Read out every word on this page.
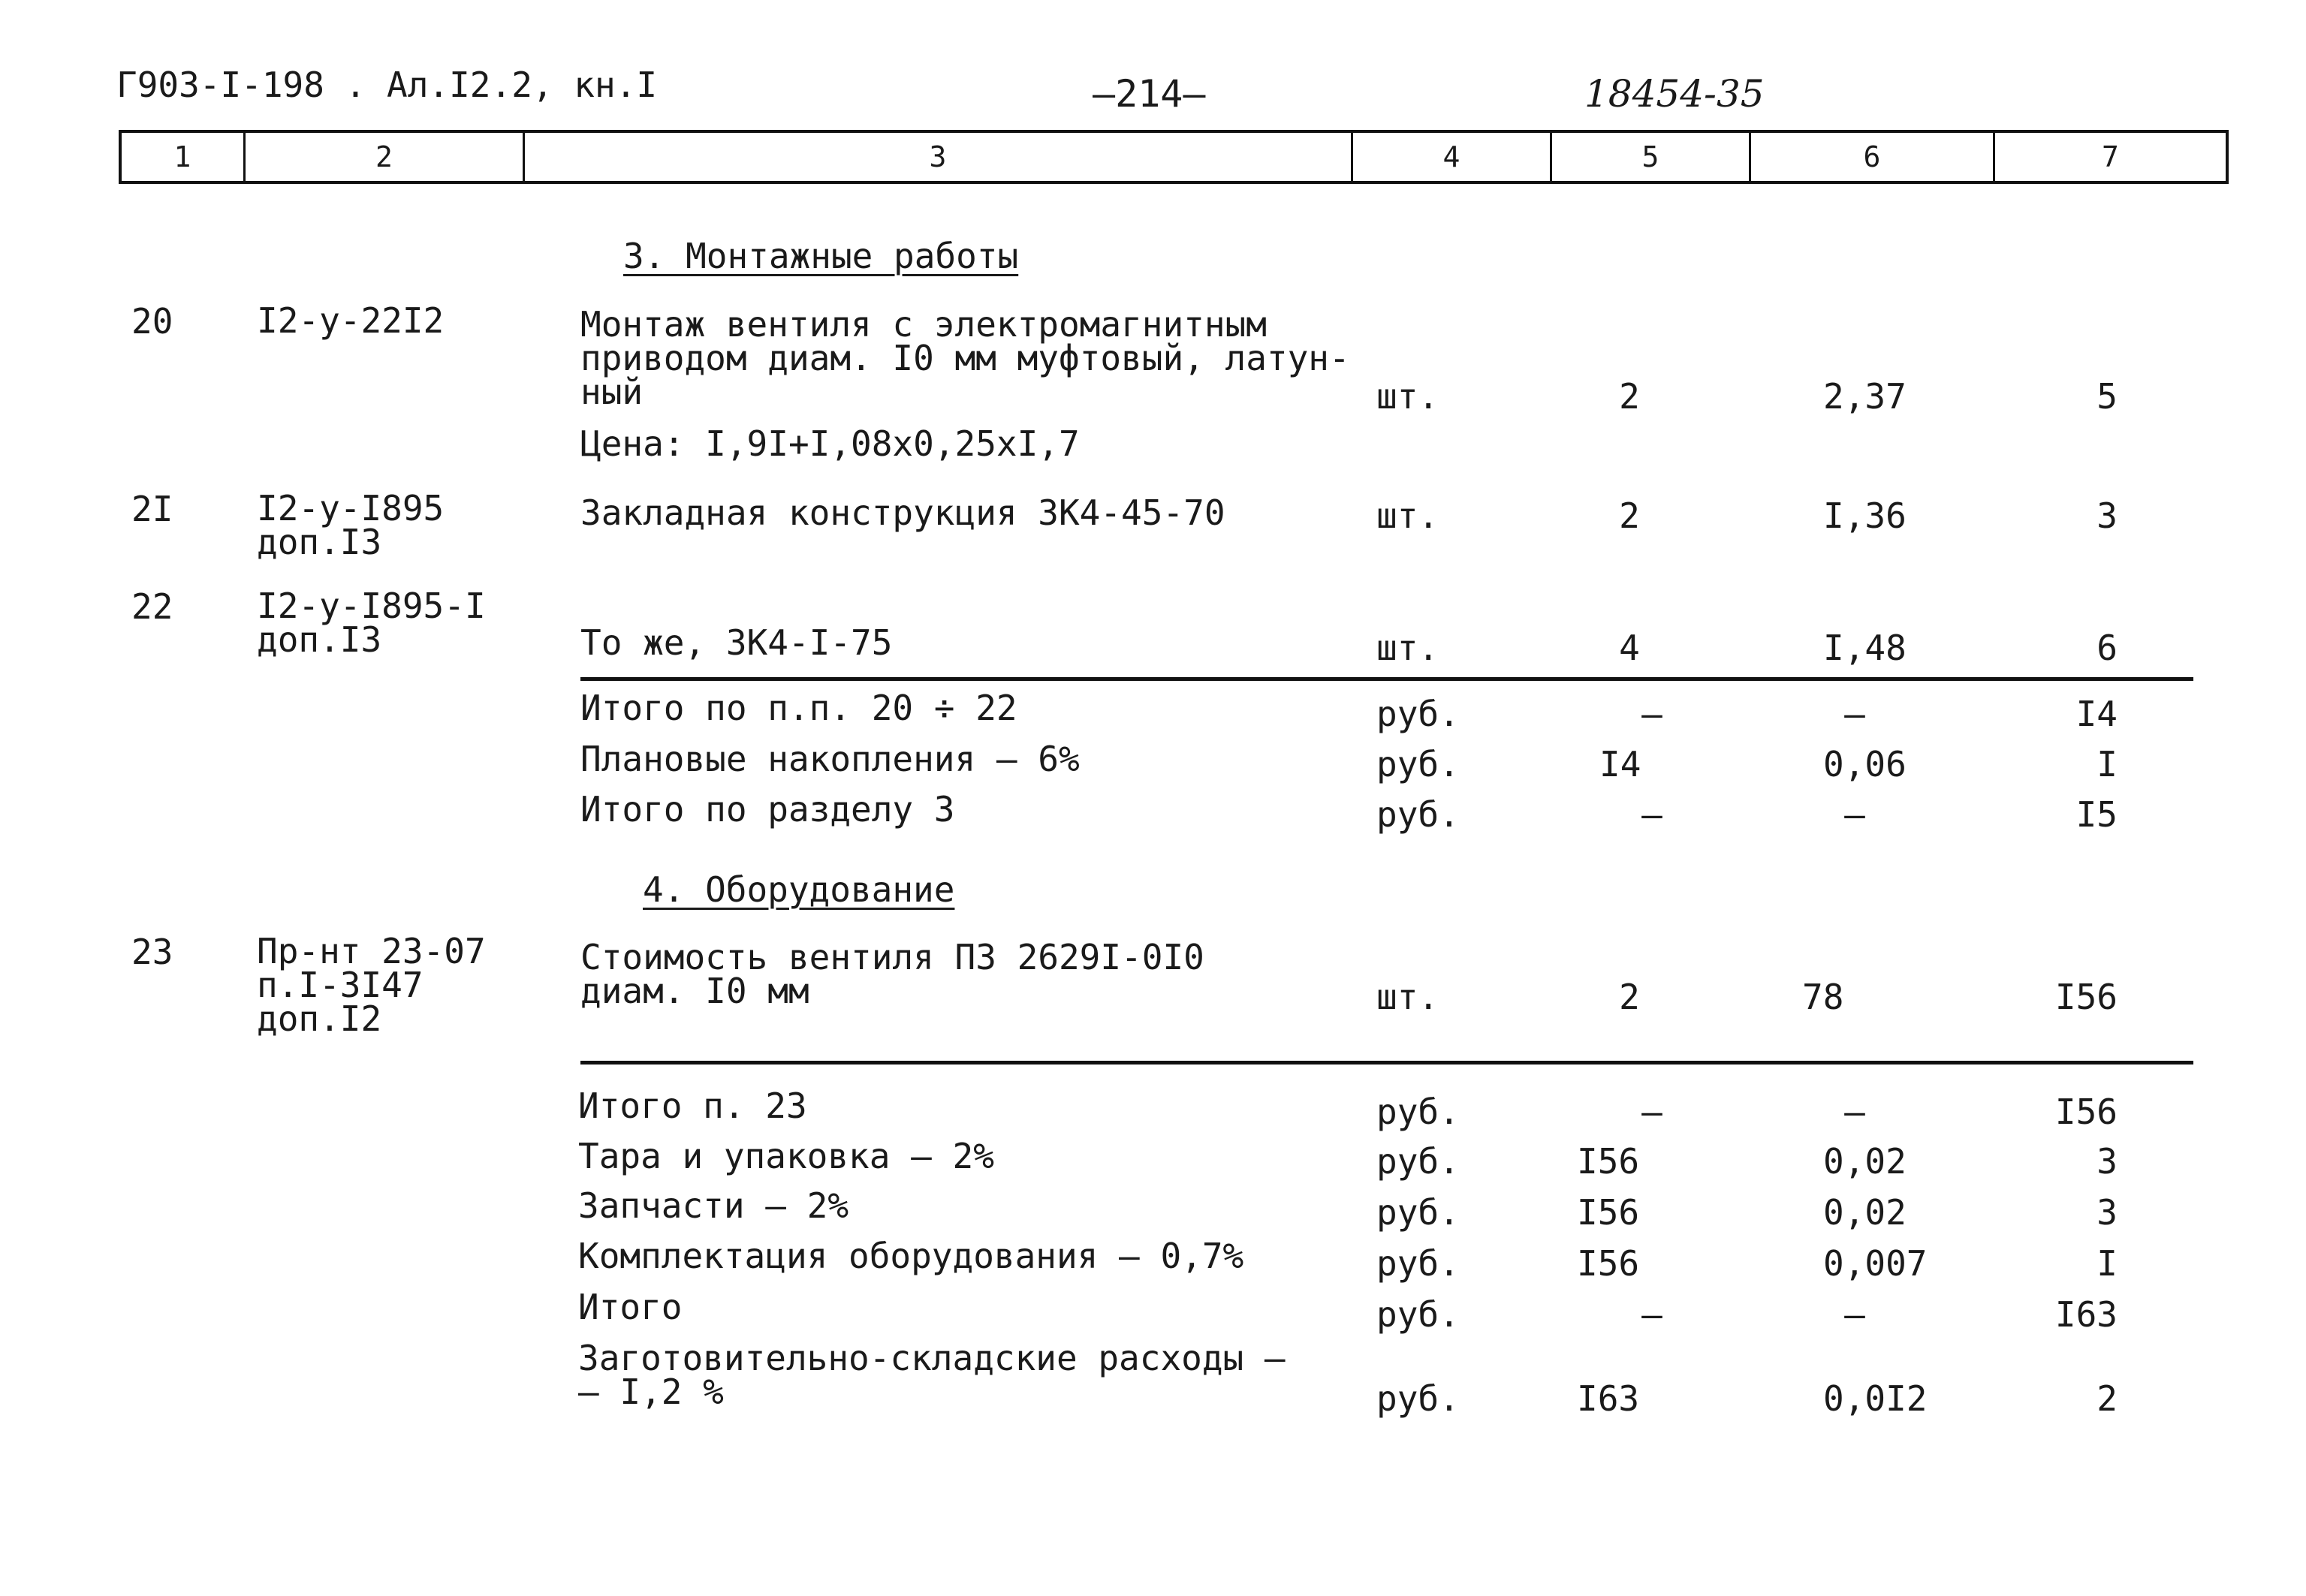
Г903-I-198 . Ал.I2.2, кн.I	—214—	18454-35
1	2	3	4	5	6	7
3. Монтажные работы
20 I2-у-22I2	Монтаж вентиля с электромагнитным
приводом диам. I0 мм муфтовый, латун-
ный	шт.	2	2,37	5
Цена: I,9I+I,08x0,25xI,7
2I I2-у-I895
доп.I3
Закладная конструкция ЗК4-45-70	шт.	2	I,36	3
22 I2-у-I895-I
доп.I3	То же, ЗК4-I-75	шт.	4	I,48	6
Итого по п.п. 20 ÷ 22	руб.	–	–	I4
Плановые накопления – 6%	руб.	I4	0,06	I
Итого по разделу 3	руб.	–	–	I5
4. Оборудование
23 Пр-нт 23-07
п.I-3I47
доп.I2
Стоимость вентиля ПЗ 2629I-0I0
диам. I0 мм	шт.	2	78	I56
Итого п. 23	руб.	–	–	I56
Тара и упаковка – 2%	руб.	I56	0,02	3
Запчасти – 2%	руб.	I56	0,02	3
Комплектация оборудования – 0,7%	руб.	I56	0,007	I
Итого	руб.	–	–	I63
Заготовительно-складские расходы –
– I,2 %	руб.	I63	0,0I2	2
